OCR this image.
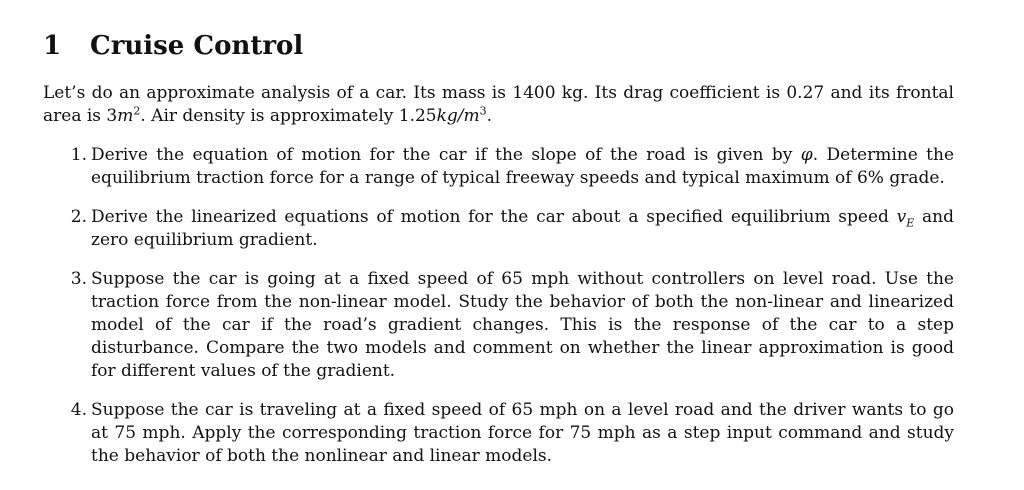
1	Cruise Control

Let’s do an approximate analysis of a car. Its mass is 1400 kg. Its drag coefficient is 0.27 and its frontal area is $3m^2$. Air density is approximately $1.25kg/m^3$.

1. Derive the equation of motion for the car if the slope of the road is given by φ. Determine the equilibrium traction force for a range of typical freeway speeds and typical maximum of 6% grade.
2. Derive the linearized equations of motion for the car about a specified equilibrium speed $v_E$ and zero equilibrium gradient.
3. Suppose the car is going at a fixed speed of 65 mph without controllers on level road. Use the traction force from the non-linear model. Study the behavior of both the non-linear and linearized model of the car if the road’s gradient changes. This is the response of the car to a step disturbance. Compare the two models and comment on whether the linear approximation is good for different values of the gradient.
4. Suppose the car is traveling at a fixed speed of 65 mph on a level road and the driver wants to go at 75 mph. Apply the corresponding traction force for 75 mph as a step input command and study the behavior of both the nonlinear and linear models.
